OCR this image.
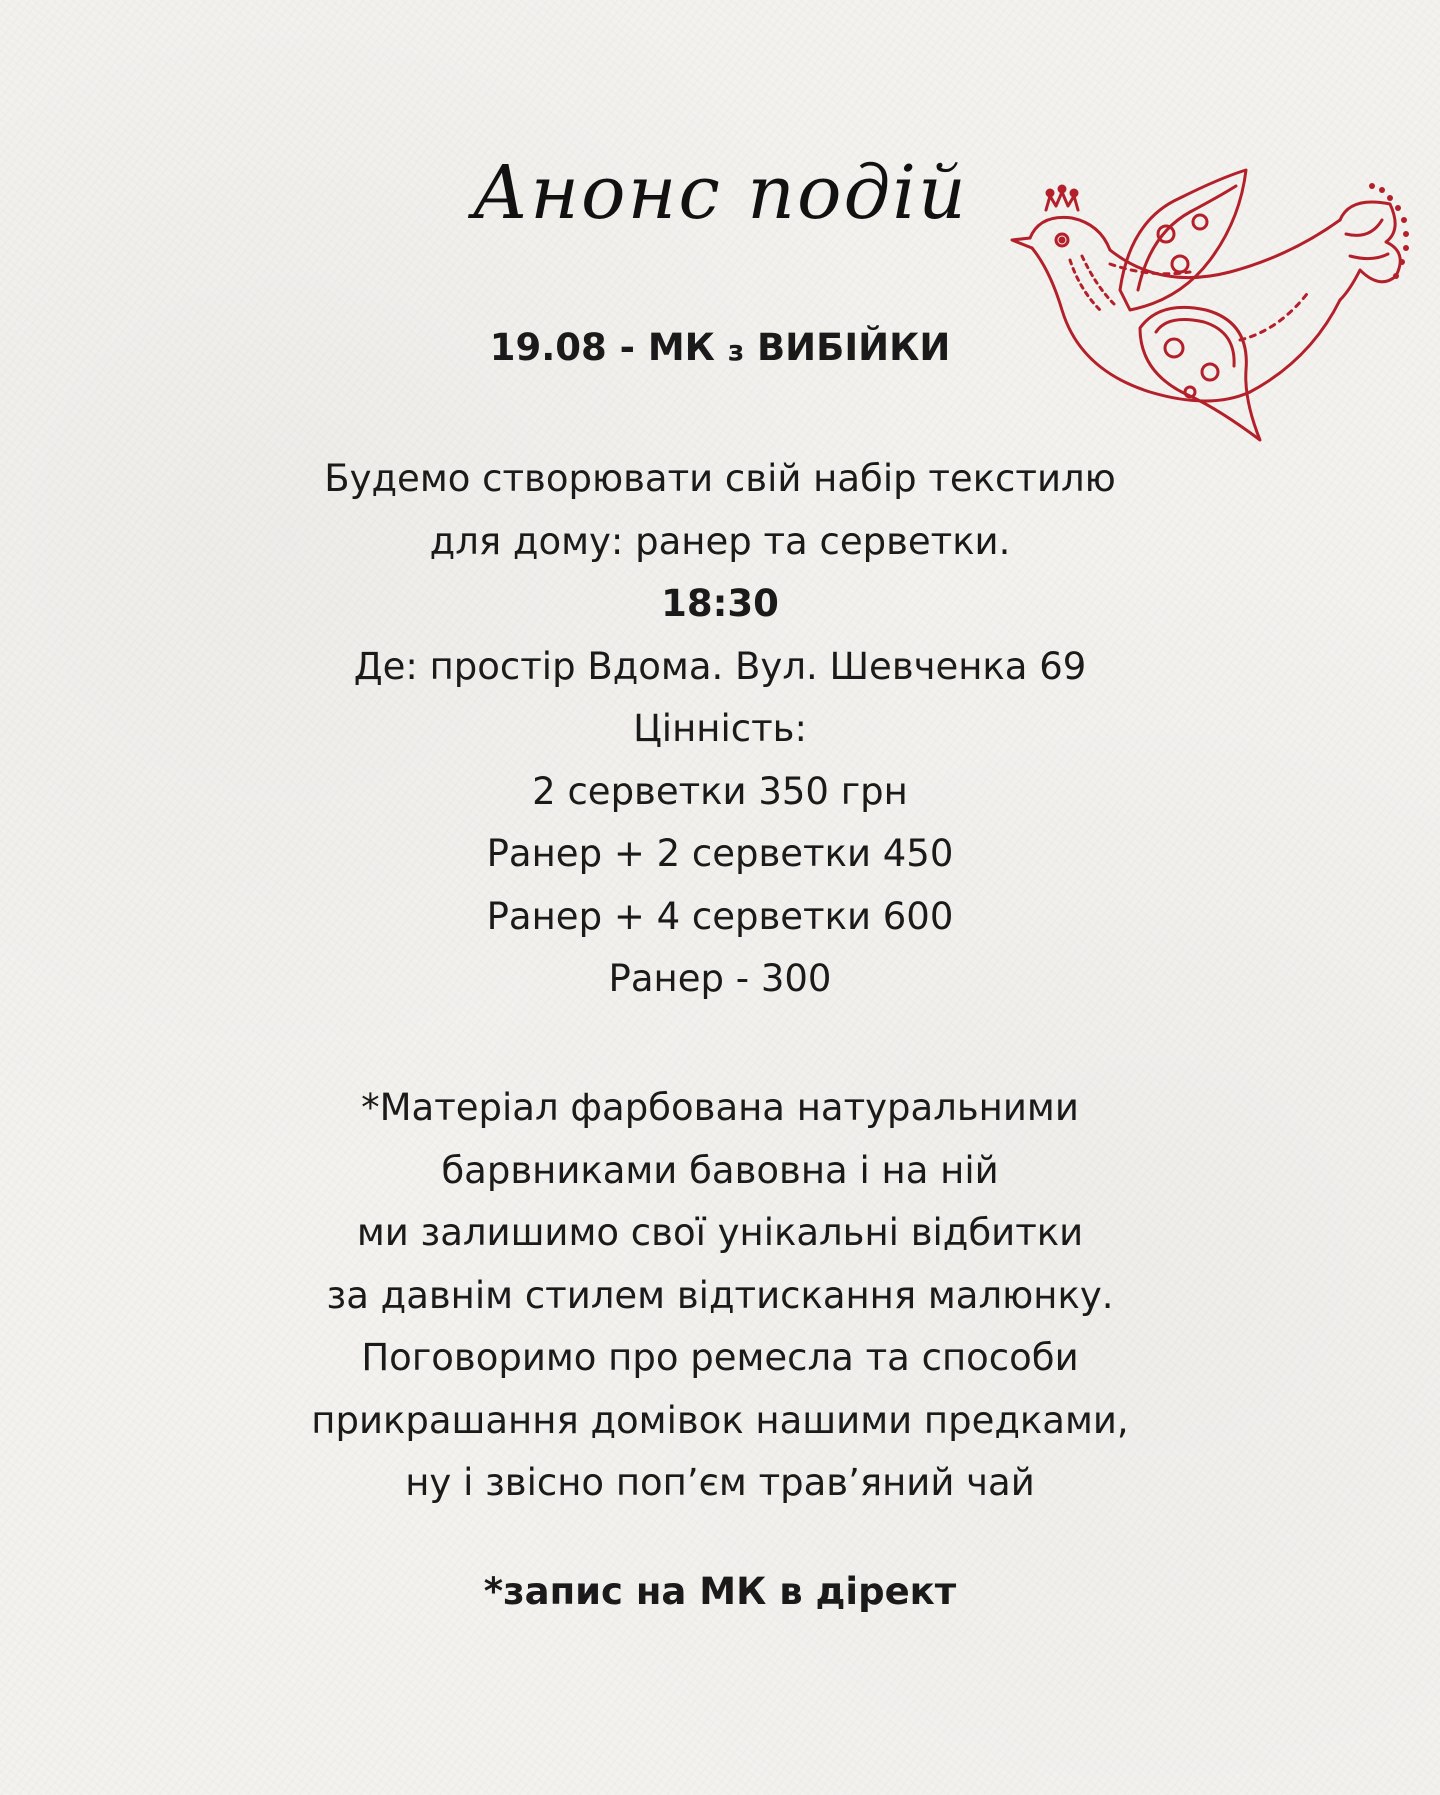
Анонс подій
19.08 - МК з ВИБІЙКИ
Будемо створювати свій набір текстилю
для дому: ранер та серветки.
18:30
Де: простір Вдома. Вул. Шевченка 69
Цінність:
2 серветки 350 грн
Ранер + 2 серветки 450
Ранер + 4 серветки 600
Ранер - 300
*Матеріал фарбована натуральними
барвниками бавовна і на ній
ми залишимо свої унікальні відбитки
за давнім стилем відтискання малюнку.
Поговоримо про ремесла та способи
прикрашання домівок нашими предками,
ну і звісно поп’єм трав’яний чай

*запис на МК в дірект
